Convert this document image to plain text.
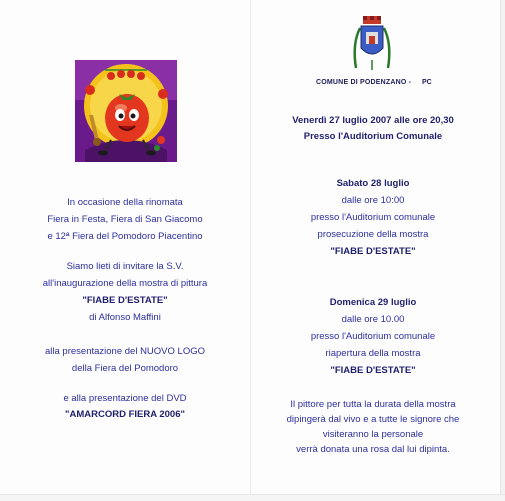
In occasione della rinomata
Fiera in Festa, Fiera di San Giacomo
e 12ª Fiera del Pomodoro Piacentino
Siamo lieti di invitare la S.V.
all'inaugurazione della mostra di pittura
"FIABE D'ESTATE"
di Alfonso Maffini
alla presentazione del NUOVO LOGO
della Fiera del Pomodoro
e alla presentazione del DVD
"AMARCORD FIERA 2006"
COMUNE DI PODENZANO - PC
Venerdì 27 luglio 2007 alle ore 20,30
Presso l'Auditorium Comunale
Sabato 28 luglio
dalle ore 10:00
presso l'Auditorium comunale
prosecuzione della mostra
"FIABE D'ESTATE"
Domenica 29 luglio
dalle ore 10.00
presso l'Auditorium comunale
riapertura della mostra
"FIABE D'ESTATE"
Il pittore per tutta la durata della mostra
dipingerà dal vivo e a tutte le signore che
visiteranno la personale
verrà donata una rosa dal lui dipinta.
